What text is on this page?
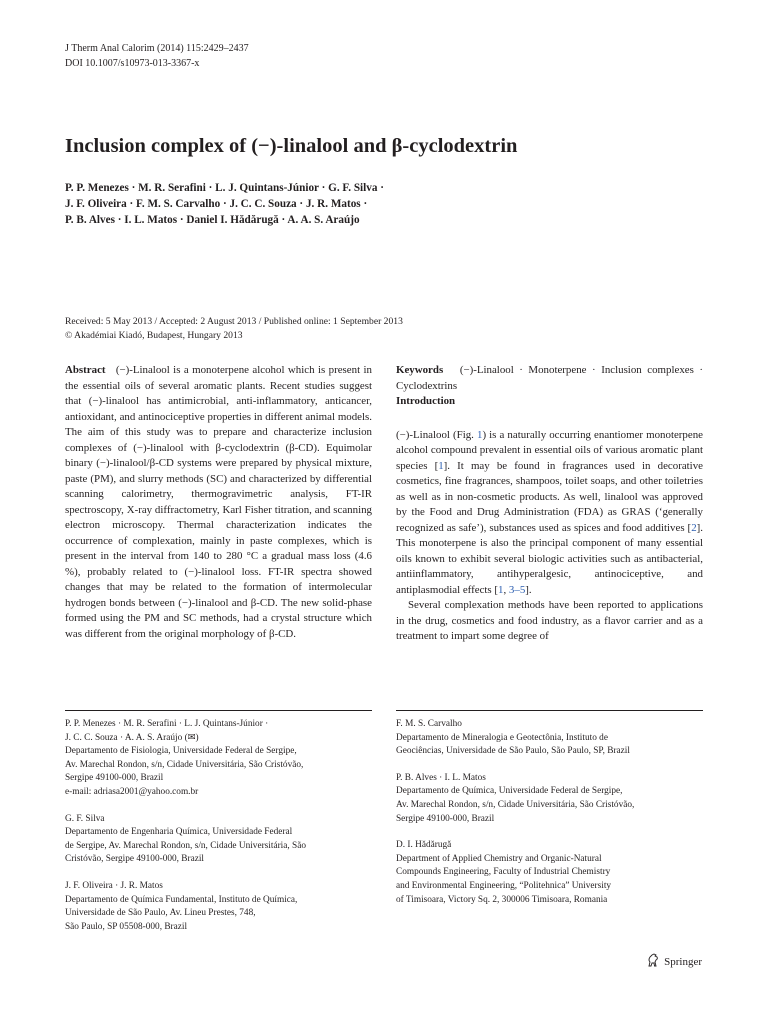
J Therm Anal Calorim (2014) 115:2429–2437
DOI 10.1007/s10973-013-3367-x
Inclusion complex of (−)-linalool and β-cyclodextrin
P. P. Menezes · M. R. Serafini · L. J. Quintans-Júnior · G. F. Silva ·
J. F. Oliveira · F. M. S. Carvalho · J. C. C. Souza · J. R. Matos ·
P. B. Alves · I. L. Matos · Daniel I. Hădărugă · A. A. S. Araújo
Received: 5 May 2013 / Accepted: 2 August 2013 / Published online: 1 September 2013
© Akadémiai Kiadó, Budapest, Hungary 2013

Abstract (−)-Linalool is a monoterpene alcohol which is present in the essential oils of several aromatic plants. Recent studies suggest that (−)-linalool has antimicrobial, anti-inflammatory, anticancer, antioxidant, and antinociceptive properties in different animal models. The aim of this study was to prepare and characterize inclusion complexes of (−)-linalool with β-cyclodextrin (β-CD). Equimolar binary (−)-linalool/β-CD systems were prepared by physical mixture, paste (PM), and slurry methods (SC) and characterized by differential scanning calorimetry, thermogravimetric analysis, FT-IR spectroscopy, X-ray diffractometry, Karl Fisher titration, and scanning electron microscopy. Thermal characterization indicates the occurrence of complexation, mainly in paste complexes, which is present in the interval from 140 to 280 °C a gradual mass loss (4.6 %), probably related to (−)-linalool loss. FT-IR spectra showed changes that may be related to the formation of intermolecular hydrogen bonds between (−)-linalool and β-CD. The new solid-phase formed using the PM and SC methods, had a crystal structure which was different from the original morphology of β-CD.

Keywords (−)-Linalool · Monoterpene · Inclusion complexes · Cyclodextrins

Introduction

(−)-Linalool (Fig. 1) is a naturally occurring enantiomer monoterpene alcohol compound prevalent in essential oils of various aromatic plant species [1]. It may be found in fragrances used in decorative cosmetics, fine fragrances, shampoos, toilet soaps, and other toiletries as well as in non-cosmetic products. As well, linalool was approved by the Food and Drug Administration (FDA) as GRAS (‘generally recognized as safe’), substances used as spices and food additives [2]. This monoterpene is also the principal component of many essential oils known to exhibit several biologic activities such as antibacterial, antiinflammatory, antihyperalgesic, antinociceptive, and antiplasmodial effects [1, 3–5].

Several complexation methods have been reported to applications in the drug, cosmetics and food industry, as a flavor carrier and as a treatment to impart some degree of

P. P. Menezes · M. R. Serafini · L. J. Quintans-Júnior ·
J. C. C. Souza · A. A. S. Araújo (✉)
Departamento de Fisiologia, Universidade Federal de Sergipe,
Av. Marechal Rondon, s/n, Cidade Universitária, São Cristóvão,
Sergipe 49100-000, Brazil
e-mail: adriasa2001@yahoo.com.br
G. F. Silva
Departamento de Engenharia Química, Universidade Federal
de Sergipe, Av. Marechal Rondon, s/n, Cidade Universitária, São
Cristóvão, Sergipe 49100-000, Brazil
J. F. Oliveira · J. R. Matos
Departamento de Química Fundamental, Instituto de Química,
Universidade de São Paulo, Av. Lineu Prestes, 748,
São Paulo, SP 05508-000, Brazil
F. M. S. Carvalho
Departamento de Mineralogia e Geotectônia, Instituto de
Geociências, Universidade de São Paulo, São Paulo, SP, Brazil
P. B. Alves · I. L. Matos
Departamento de Química, Universidade Federal de Sergipe,
Av. Marechal Rondon, s/n, Cidade Universitária, São Cristóvão,
Sergipe 49100-000, Brazil
D. I. Hădărugă
Department of Applied Chemistry and Organic-Natural
Compounds Engineering, Faculty of Industrial Chemistry
and Environmental Engineering, “Politehnica” University
of Timisoara, Victory Sq. 2, 300006 Timisoara, Romania
Springer
